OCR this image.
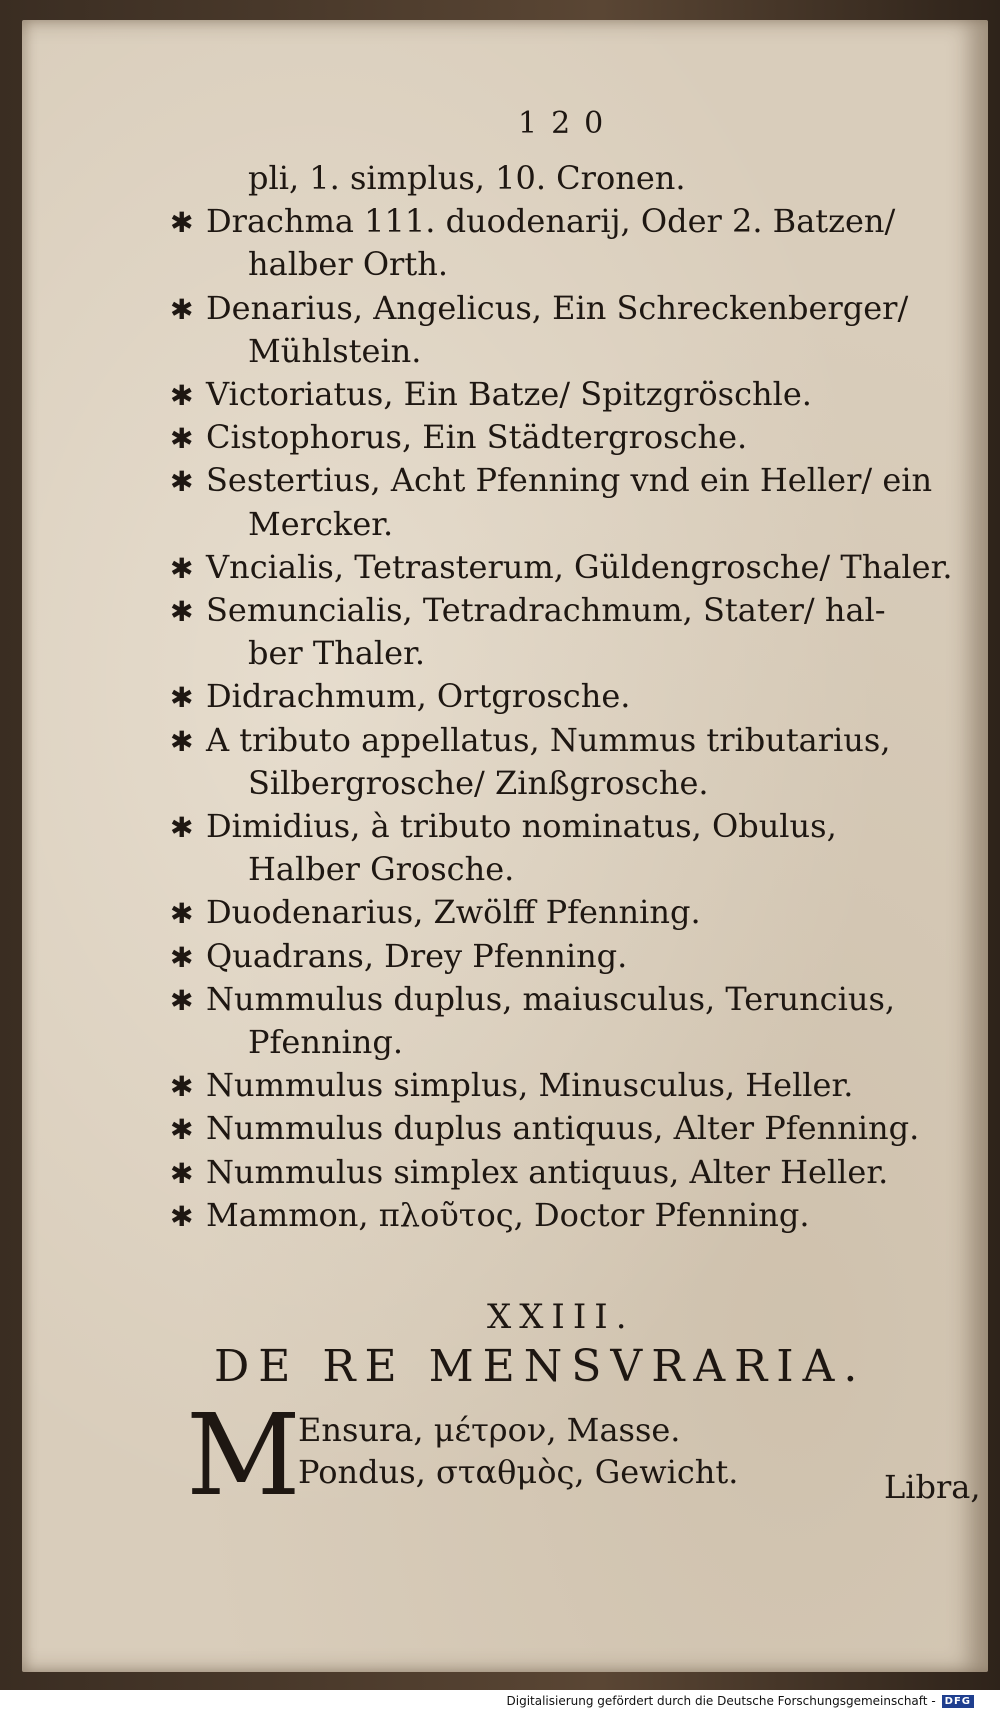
120
pli, 1. simplus, 10. Cronen.
✱ Drachma 111. duodenarij, Oder 2. Batzen/
halber Orth.
✱ Denarius, Angelicus, Ein Schreckenberger/
Mühlstein.
✱ Victoriatus, Ein Batze/ Spitzgröschle.
✱ Cistophorus, Ein Städtergrosche.
✱ Sestertius, Acht Pfenning vnd ein Heller/ ein
Mercker.
✱ Vncialis, Tetrasterum, Güldengrosche/ Thaler.
✱ Semuncialis, Tetradrachmum, Stater/ hal-
ber Thaler.
✱ Didrachmum, Ortgrosche.
✱ A tributo appellatus, Nummus tributarius,
Silbergrosche/ Zinßgrosche.
✱ Dimidius, à tributo nominatus, Obulus,
Halber Grosche.
✱ Duodenarius, Zwölff Pfenning.
✱ Quadrans, Drey Pfenning.
✱ Nummulus duplus, maiusculus, Teruncius,
Pfenning.
✱ Nummulus simplus, Minusculus, Heller.
✱ Nummulus duplus antiquus, Alter Pfenning.
✱ Nummulus simplex antiquus, Alter Heller.
✱ Mammon, πλοῦτος, Doctor Pfenning.
XXIII.
DE RE MENSVRARIA.
M
Ensura, μέτρον, Masse.
Pondus, σταθμὸς, Gewicht.	Libra,
Digitalisierung gefördert durch die Deutsche Forschungsgemeinschaft - DFG
